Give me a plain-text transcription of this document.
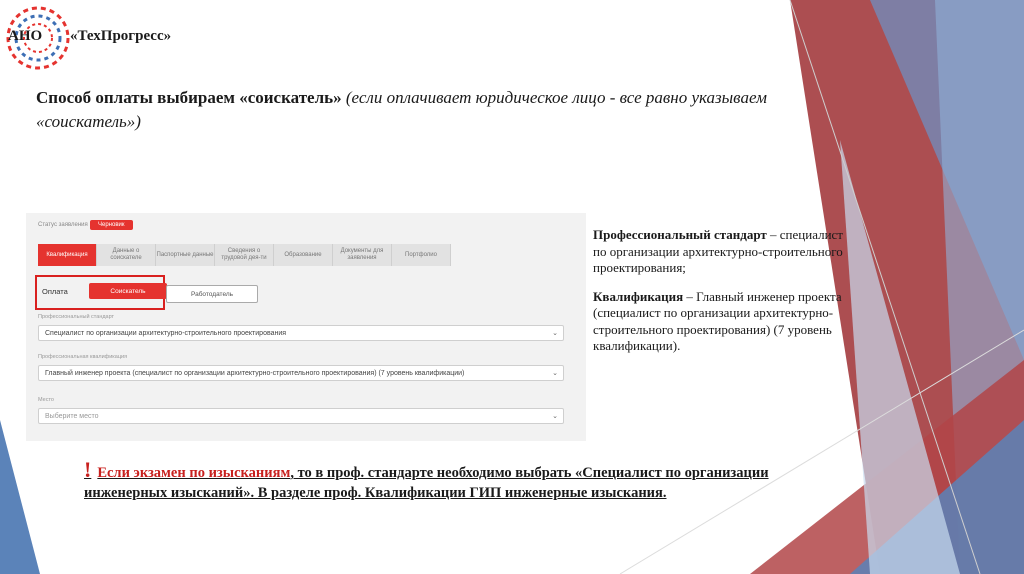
АНО «ТехПрогресс»
Способ оплаты выбираем «соискатель» (если оплачивает юридическое лицо - все равно указываем «соискатель»)
Статус заявления	Черновик
Квалификация
Данные о соискателе
Паспортные данные
Сведения о трудовой дея-ти
Образование
Документы для заявления
Портфолио
Оплата	Соискатель	Работодатель
Профессиональный стандарт
Специалист по организации архитектурно-строительного проектирования	⌄
Профессиональная квалификация
Главный инженер проекта (специалист по организации архитектурно-строительного проектирования) (7 уровень квалификации)	⌄
Место
Выберите место	⌄

Профессиональный стандарт – специалист по организации архитектурно-строительного проектирования;

Квалификация – Главный инженер проекта (специалист по организации архитектурно-строительного проектирования) (7 уровень квалификации).

! Если экзамен по изысканиям, то в проф. стандарте необходимо выбрать «Специалист по организации инженерных изысканий». В разделе проф. Квалификации ГИП инженерные изыскания.
